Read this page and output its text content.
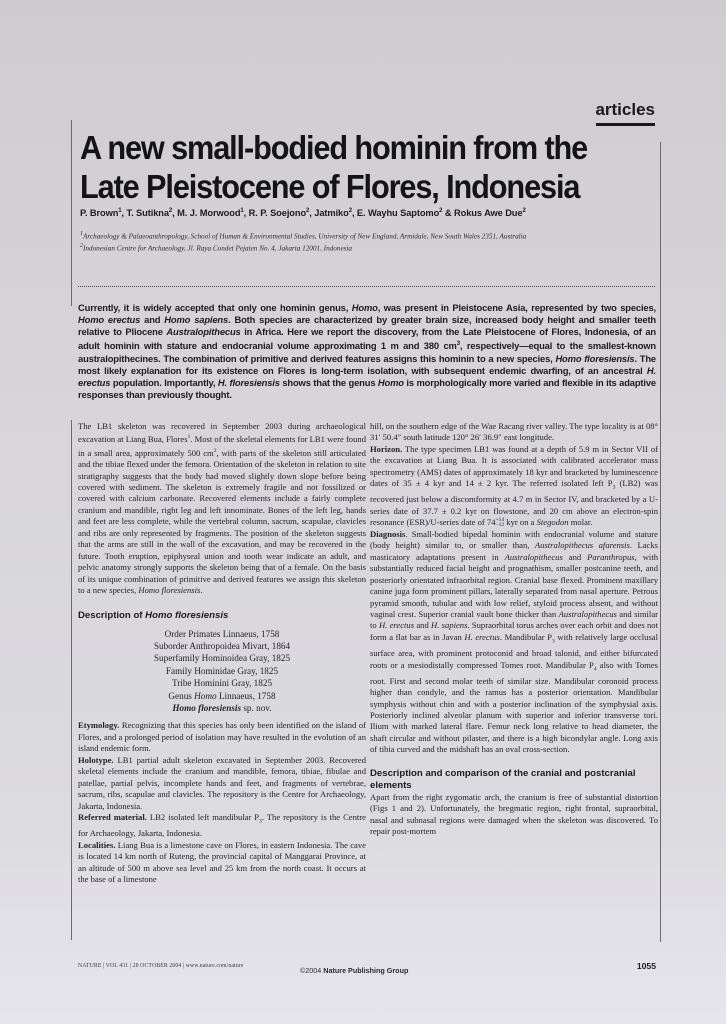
articles
A new small-bodied hominin from the
Late Pleistocene of Flores, Indonesia
P. Brown$^1$, T. Sutikna$^2$, M. J. Morwood$^1$, R. P. Soejono$^2$, Jatmiko$^2$, E. Wayhu Saptomo$^2$ & Rokus Awe Due$^2$
$^1$Archaeology & Palaeoanthropology, School of Human & Environmental Studies, University of New England, Armidale, New South Wales 2351, Australia
$^2$Indonesian Centre for Archaeology, Jl. Raya Condet Pejaten No. 4, Jakarta 12001, Indonesia
Currently, it is widely accepted that only one hominin genus, Homo, was present in Pleistocene Asia, represented by two species, Homo erectus and Homo sapiens. Both species are characterized by greater brain size, increased body height and smaller teeth relative to Pliocene Australopithecus in Africa. Here we report the discovery, from the Late Pleistocene of Flores, Indonesia, of an adult hominin with stature and endocranial volume approximating 1 m and 380 $cm^3$, respectively—equal to the smallest-known australopithecines. The combination of primitive and derived features assigns this hominin to a new species, Homo floresiensis. The most likely explanation for its existence on Flores is long-term isolation, with subsequent endemic dwarfing, of an ancestral H. erectus population. Importantly, H. floresiensis shows that the genus Homo is morphologically more varied and flexible in its adaptive responses than previously thought.

The LB1 skeleton was recovered in September 2003 during archaeological excavation at Liang Bua, Flores$^1$. Most of the skeletal elements for LB1 were found in a small area, approximately 500 $cm^2$, with parts of the skeleton still articulated and the tibiae flexed under the femora. Orientation of the skeleton in relation to site stratigraphy suggests that the body had moved slightly down slope before being covered with sediment. The skeleton is extremely fragile and not fossilized or covered with calcium carbonate. Recovered elements include a fairly complete cranium and mandible, right leg and left innominate. Bones of the left leg, hands and feet are less complete, while the vertebral column, sacrum, scapulae, clavicles and ribs are only represented by fragments. The position of the skeleton suggests that the arms are still in the wall of the excavation, and may be recovered in the future. Tooth eruption, epiphyseal union and tooth wear indicate an adult, and pelvic anatomy strongly supports the skeleton being that of a female. On the basis of its unique combination of primitive and derived features we assign this skeleton to a new species, Homo floresiensis.

Description of Homo floresiensis
Order Primates Linnaeus, 1758
Suborder Anthropoidea Mivart, 1864
Superfamily Hominoidea Gray, 1825
Family Hominidae Gray, 1825
Tribe Hominini Gray, 1825
Genus Homo Linnaeus, 1758
Homo floresiensis sp. nov.

Etymology. Recognizing that this species has only been identified on the island of Flores, and a prolonged period of isolation may have resulted in the evolution of an island endemic form.

Holotype. LB1 partial adult skeleton excavated in September 2003. Recovered skeletal elements include the cranium and mandible, femora, tibiae, fibulae and patellae, partial pelvis, incomplete hands and feet, and fragments of vertebrae, sacrum, ribs, scapulae and clavicles. The repository is the Centre for Archaeology, Jakarta, Indonesia.

Referred material. LB2 isolated left mandibular $P_3$. The repository is the Centre for Archaeology, Jakarta, Indonesia.

Localities. Liang Bua is a limestone cave on Flores, in eastern Indonesia. The cave is located 14 km north of Ruteng, the provincial capital of Manggarai Province, at an altitude of 500 m above sea level and 25 km from the north coast. It occurs at the base of a limestone

hill, on the southern edge of the Wae Racang river valley. The type locality is at 08° 31′ 50.4″ south latitude 120° 26′ 36.9″ east longitude.

Horizon. The type specimen LB1 was found at a depth of 5.9 m in Sector VII of the excavation at Liang Bua. It is associated with calibrated accelerator mass spectrometry (AMS) dates of approximately 18 kyr and bracketed by luminescence dates of 35 ± 4 kyr and 14 ± 2 kyr. The referred isolated left $P_3$ (LB2) was recovered just below a discomformity at 4.7 m in Sector IV, and bracketed by a U-series date of 37.7 ± 0.2 kyr on flowstone, and 20 cm above an electron-spin resonance (ESR)/U-series date of 74 +14
−12 kyr on a Stegodon molar.

Diagnosis. Small-bodied bipedal hominin with endocranial volume and stature (body height) similar to, or smaller than, Australopithecus afarensis. Lacks masticatory adaptations present in Australopithecus and Paranthropus, with substantially reduced facial height and prognathism, smaller postcanine teeth, and posteriorly orientated infraorbital region. Cranial base flexed. Prominent maxillary canine juga form prominent pillars, laterally separated from nasal aperture. Petrous pyramid smooth, tubular and with low relief, styloid process absent, and without vaginal crest. Superior cranial vault bone thicker than Australopithecus and similar to H. erectus and H. sapiens. Supraorbital torus arches over each orbit and does not form a flat bar as in Javan H. erectus. Mandibular $P_3$ with relatively large occlusal surface area, with prominent protoconid and broad talonid, and either bifurcated roots or a mesiodistally compressed Tomes root. Mandibular $P_4$ also with Tomes root. First and second molar teeth of similar size. Mandibular coronoid process higher than condyle, and the ramus has a posterior orientation. Mandibular symphysis without chin and with a posterior inclination of the symphysial axis. Posteriorly inclined alveolar planum with superior and inferior transverse tori. Ilium with marked lateral flare. Femur neck long relative to head diameter, the shaft circular and without pilaster, and there is a high bicondylar angle. Long axis of tibia curved and the midshaft has an oval cross-section.

Description and comparison of the cranial and postcranial elements

Apart from the right zygomatic arch, the cranium is free of substantial distortion (Figs 1 and 2). Unfortunately, the bregmatic region, right frontal, supraorbital, nasal and subnasal regions were damaged when the skeleton was discovered. To repair post-mortem

NATURE | VOL 431 | 28 OCTOBER 2004 | www.nature.com/nature	©2004 Nature Publishing Group	1055
